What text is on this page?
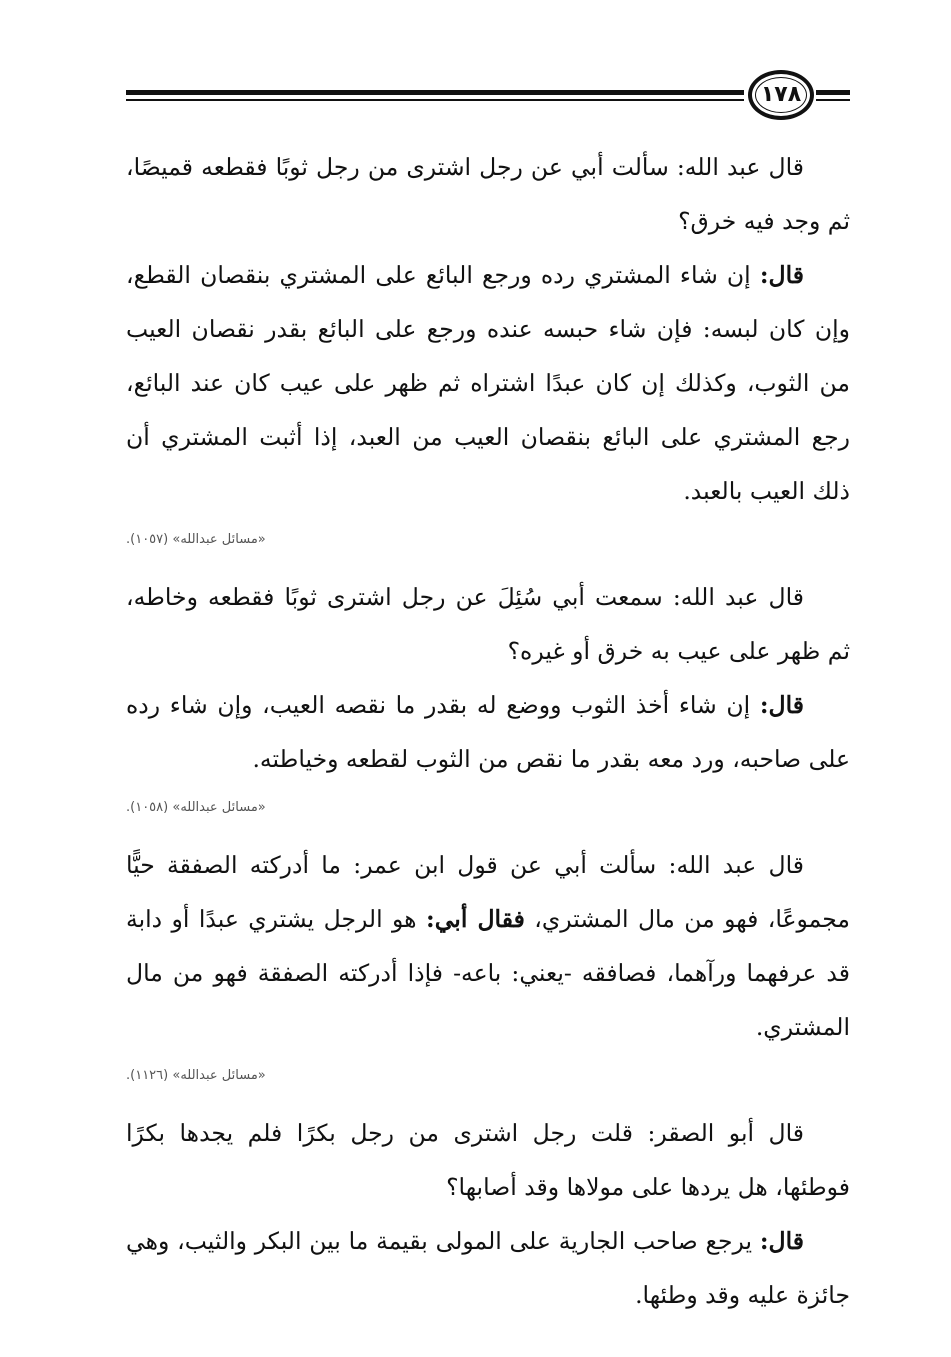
١٧٨

قال عبد الله: سألت أبي عن رجل اشترى من رجل ثوبًا فقطعه قميصًا، ثم وجد فيه خرق؟

قال: إن شاء المشتري رده ورجع البائع على المشتري بنقصان القطع، وإن كان لبسه: فإن شاء حبسه عنده ورجع على البائع بقدر نقصان العيب من الثوب، وكذلك إن كان عبدًا اشتراه ثم ظهر على عيب كان عند البائع، رجع المشتري على البائع بنقصان العيب من العبد، إذا أثبت المشتري أن ذلك العيب بالعبد.

«مسائل عبدالله» (١٠٥٧).

قال عبد الله: سمعت أبي سُئِلَ عن رجل اشترى ثوبًا فقطعه وخاطه، ثم ظهر على عيب به خرق أو غيره؟

قال: إن شاء أخذ الثوب ووضع له بقدر ما نقصه العيب، وإن شاء رده على صاحبه، ورد معه بقدر ما نقص من الثوب لقطعه وخياطته.

«مسائل عبدالله» (١٠٥٨).

قال عبد الله: سألت أبي عن قول ابن عمر: ما أدركته الصفقة حيًّا مجموعًا، فهو من مال المشتري، فقال أبي: هو الرجل يشتري عبدًا أو دابة قد عرفهما ورآهما، فصافقه -يعني: باعه- فإذا أدركته الصفقة فهو من مال المشتري.

«مسائل عبدالله» (١١٢٦).

قال أبو الصقر: قلت رجل اشترى من رجل بكرًا فلم يجدها بكرًا فوطئها، هل يردها على مولاها وقد أصابها؟

قال: يرجع صاحب الجارية على المولى بقيمة ما بين البكر والثيب، وهي جائزة عليه وقد وطئها.
